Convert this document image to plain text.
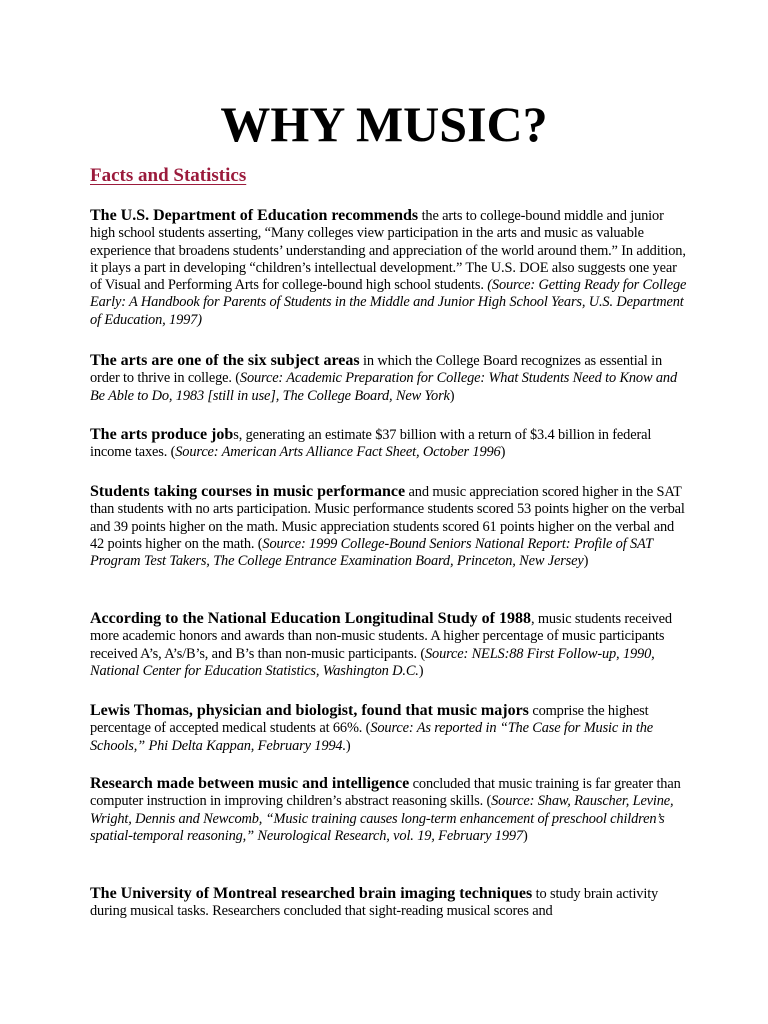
WHY MUSIC?
Facts and Statistics

The U.S. Department of Education recommends the arts to college-bound middle and junior high school students asserting, “Many colleges view participation in the arts and music as valuable experience that broadens students’ understanding and appreciation of the world around them.” In addition, it plays a part in developing “children’s intellectual development.” The U.S. DOE also suggests one year of Visual and Performing Arts for college-bound high school students. (Source: Getting Ready for College Early: A Handbook for Parents of Students in the Middle and Junior High School Years, U.S. Department of Education, 1997)

The arts are one of the six subject areas in which the College Board recognizes as essential in order to thrive in college. (Source: Academic Preparation for College: What Students Need to Know and Be Able to Do, 1983 [still in use], The College Board, New York)

The arts produce jobs, generating an estimate $37 billion with a return of $3.4 billion in federal income taxes. (Source: American Arts Alliance Fact Sheet, October 1996)

Students taking courses in music performance and music appreciation scored higher in the SAT than students with no arts participation. Music performance students scored 53 points higher on the verbal and 39 points higher on the math. Music appreciation students scored 61 points higher on the verbal and 42 points higher on the math. (Source: 1999 College-Bound Seniors National Report: Profile of SAT Program Test Takers, The College Entrance Examination Board, Princeton, New Jersey)

According to the National Education Longitudinal Study of 1988, music students received more academic honors and awards than non-music students. A higher percentage of music participants received A’s, A’s/B’s, and B’s than non-music participants. (Source: NELS:88 First Follow-up, 1990, National Center for Education Statistics, Washington D.C.)

Lewis Thomas, physician and biologist, found that music majors comprise the highest percentage of accepted medical students at 66%. (Source: As reported in “The Case for Music in the Schools,” Phi Delta Kappan, February 1994.)

Research made between music and intelligence concluded that music training is far greater than computer instruction in improving children’s abstract reasoning skills. (Source: Shaw, Rauscher, Levine, Wright, Dennis and Newcomb, “Music training causes long-term enhancement of preschool children’s spatial-temporal reasoning,” Neurological Research, vol. 19, February 1997)

The University of Montreal researched brain imaging techniques to study brain activity during musical tasks. Researchers concluded that sight-reading musical scores and
